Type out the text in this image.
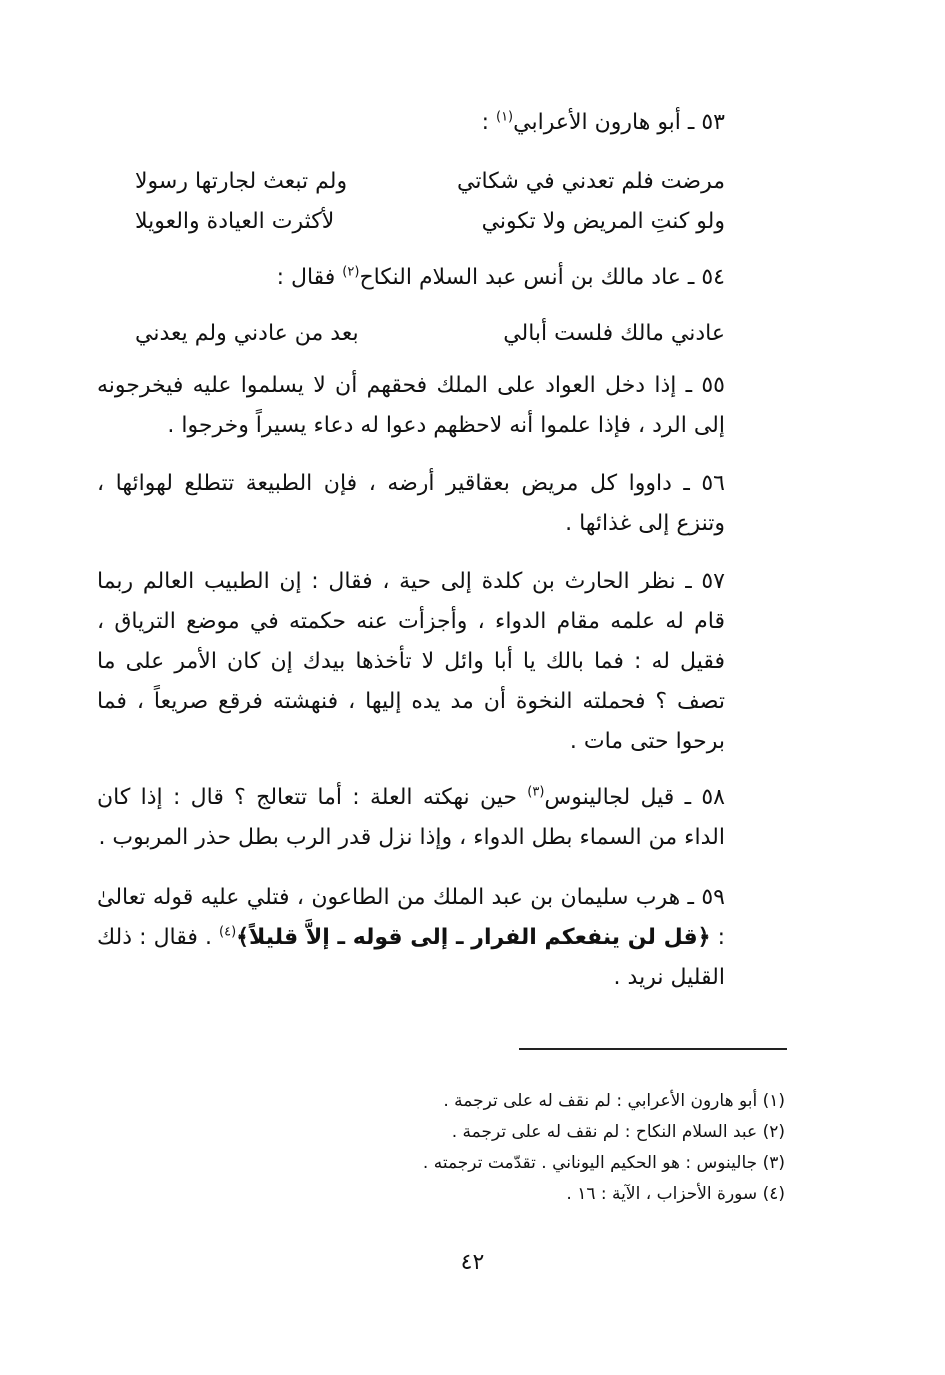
٥٣ ـ أبو هارون الأعرابي$^{(١)}$ :
مرضت فلم تعدني في شكاتي
ولم تبعث لجارتها رسولا
ولو كنتِ المريض ولا تكوني
لأكثرت العيادة والعويلا
٥٤ ـ عاد مالك بن أنس عبد السلام النكاح$^{(٢)}$ فقال :
عادني مالك فلست أبالي
بعد من عادني ولم يعدني

٥٥ ـ إذا دخل العواد على الملك فحقهم أن لا يسلموا عليه فيخرجونه إلى الرد ، فإذا علموا أنه لاحظهم دعوا له دعاء يسيراً وخرجوا .

٥٦ ـ داووا كل مريض بعقاقير أرضه ، فإن الطبيعة تتطلع لهوائها ، وتنزع إلى غذائها .

٥٧ ـ نظر الحارث بن كلدة إلى حية ، فقال : إن الطبيب العالم ربما قام له علمه مقام الدواء ، وأجزأت عنه حكمته في موضع الترياق ، فقيل له : فما بالك يا أبا وائل لا تأخذها بيدك إن كان الأمر على ما تصف ؟ فحملته النخوة أن مد يده إليها ، فنهشته فرقع صريعاً ، فما برحوا حتى مات .

٥٨ ـ قيل لجالينوس$^{(٣)}$ حين نهكته العلة : أما تتعالج ؟ قال : إذا كان الداء من السماء بطل الدواء ، وإذا نزل قدر الرب بطل حذر المربوب .

٥٩ ـ هرب سليمان بن عبد الملك من الطاعون ، فتلي عليه قوله تعالىٰ : ﴿قل لن ينفعكم الفرار ـ إلى قوله ـ إلاَّ قليلاً﴾$^{(٤)}$ . فقال : ذلك القليل نريد .

(١) أبو هارون الأعرابي : لم نقف له على ترجمة .
(٢) عبد السلام النكاح : لم نقف له على ترجمة .
(٣) جالينوس : هو الحكيم اليوناني . تقدّمت ترجمته .
(٤) سورة الأحزاب ، الآية : ١٦ .
٤٢
